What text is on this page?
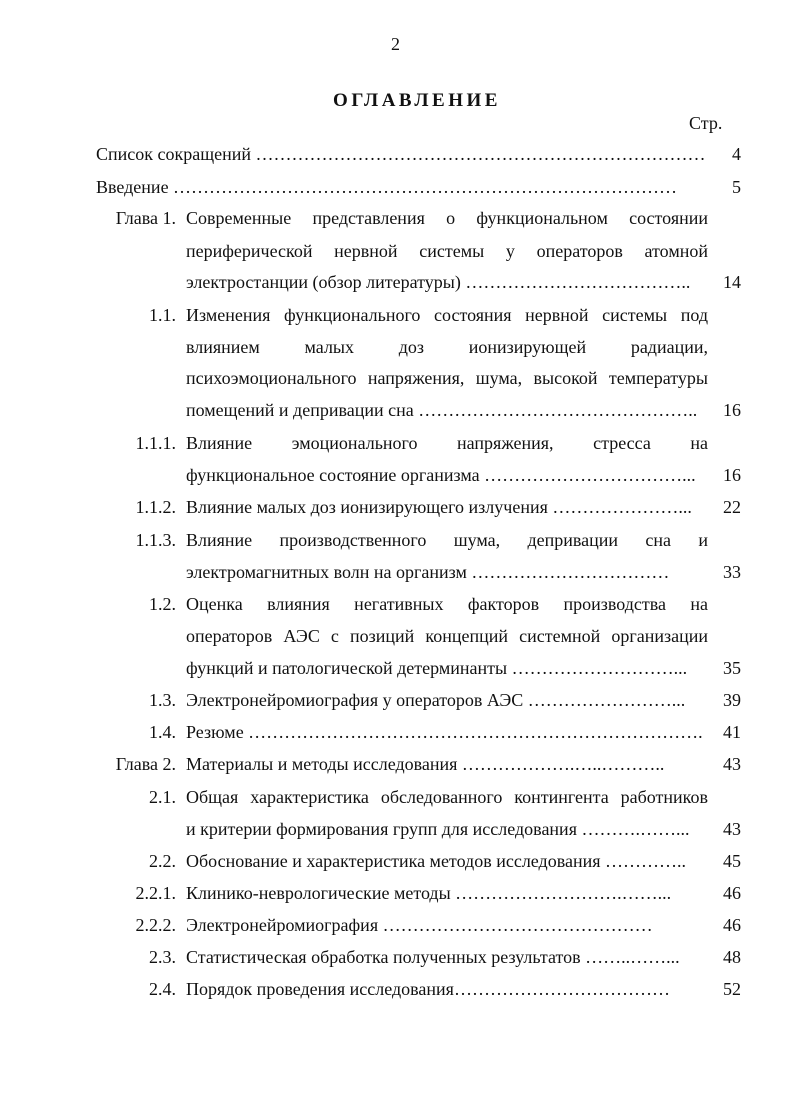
2
ОГЛАВЛЕНИЕ
Стр.
Список сокращений ………………………………………………………………… 4
Введение …………………………………………………………………………	5
Глава 1. Современные представления о функциональном состоянии
периферической нервной системы у операторов атомной
электростанции (обзор литературы) ……………………………….. 14
1.1. Изменения функционального состояния нервной системы под
влиянием малых доз ионизирующей радиации,
психоэмоционального напряжения, шума, высокой температуры
помещений и депривации сна ……………………………………….. 16
1.1.1. Влияние эмоционального напряжения, стресса на
функциональное состояние организма ……………………………... 16
1.1.2. Влияние малых доз ионизирующего излучения …………………... 22
1.1.3. Влияние производственного шума, депривации сна и
электромагнитных волн на организм ……………………………	33
1.2. Оценка влияния негативных факторов производства на
операторов АЭС с позиций концепций системной организации
функций и патологической детерминанты ………………………... 35
1.3. Электронейромиография у операторов АЭС ……………………... 39
1.4. Резюме …………………………………………………………………. 41
Глава 2. Материалы и методы исследования ……………….…..………..	43
2.1. Общая характеристика обследованного контингента работников
и критерии формирования групп для исследования ……….……... 43
2.2. Обоснование и характеристика методов исследования ………….. 45
2.2.1. Клинико-неврологические методы ……………………….……...	46
2.2.2. Электронейромиография ………………………………………	46
2.3. Статистическая обработка полученных результатов ……..……... 48
2.4. Порядок проведения исследования………………………………	52
